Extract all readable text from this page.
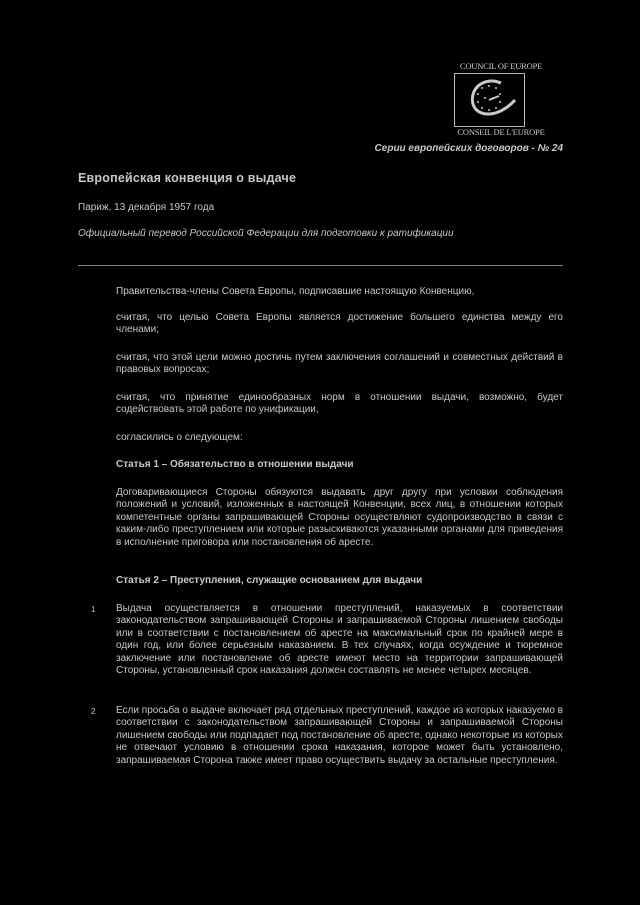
COUNCIL OF EUROPE
CONSEIL DE L'EUROPE
Серии европейских договоров - № 24
Европейская конвенция о выдаче
Париж, 13 декабря 1957 года
Официальный перевод Российской Федерации для подготовки к ратификации
Правительства-члены Совета Европы, подписавшие настоящую Конвенцию,
считая, что целью Совета Европы является достижение большего единства между его членами;
считая, что этой цели можно достичь путем заключения соглашений и совместных действий в правовых вопросах;
считая, что принятие единообразных норм в отношении выдачи, возможно, будет содействовать этой работе по унификации,
согласились о следующем:
Статья 1 – Обязательство в отношении выдачи
Договаривающиеся Стороны обязуются выдавать друг другу при условии соблюдения положений и условий, изложенных в настоящей Конвенции, всех лиц, в отношении которых компетентные органы запрашивающей Стороны осуществляют судопроизводство в связи с каким-либо преступлением или которые разыскиваются указанными органами для приведения в исполнение приговора или постановления об аресте.
Статья 2 – Преступления, служащие основанием для выдачи
1 Выдача осуществляется в отношении преступлений, наказуемых в соответствии законодательством запрашивающей Стороны и запрашиваемой Стороны лишением свободы или в соответствии с постановлением об аресте на максимальный срок по крайней мере в один год, или более серьезным наказанием. В тех случаях, когда осуждение и тюремное заключение или постановление об аресте имеют место на территории запрашивающей Стороны, установленный срок наказания должен составлять не менее четырех месяцев.
2 Если просьба о выдаче включает ряд отдельных преступлений, каждое из которых наказуемо в соответствии с законодательством запрашивающей Стороны и запрашиваемой Стороны лишением свободы или подпадает под постановление об аресте, однако некоторые из которых не отвечают условию в отношении срока наказания, которое может быть установлено, запрашиваемая Сторона также имеет право осуществить выдачу за остальные преступления.
